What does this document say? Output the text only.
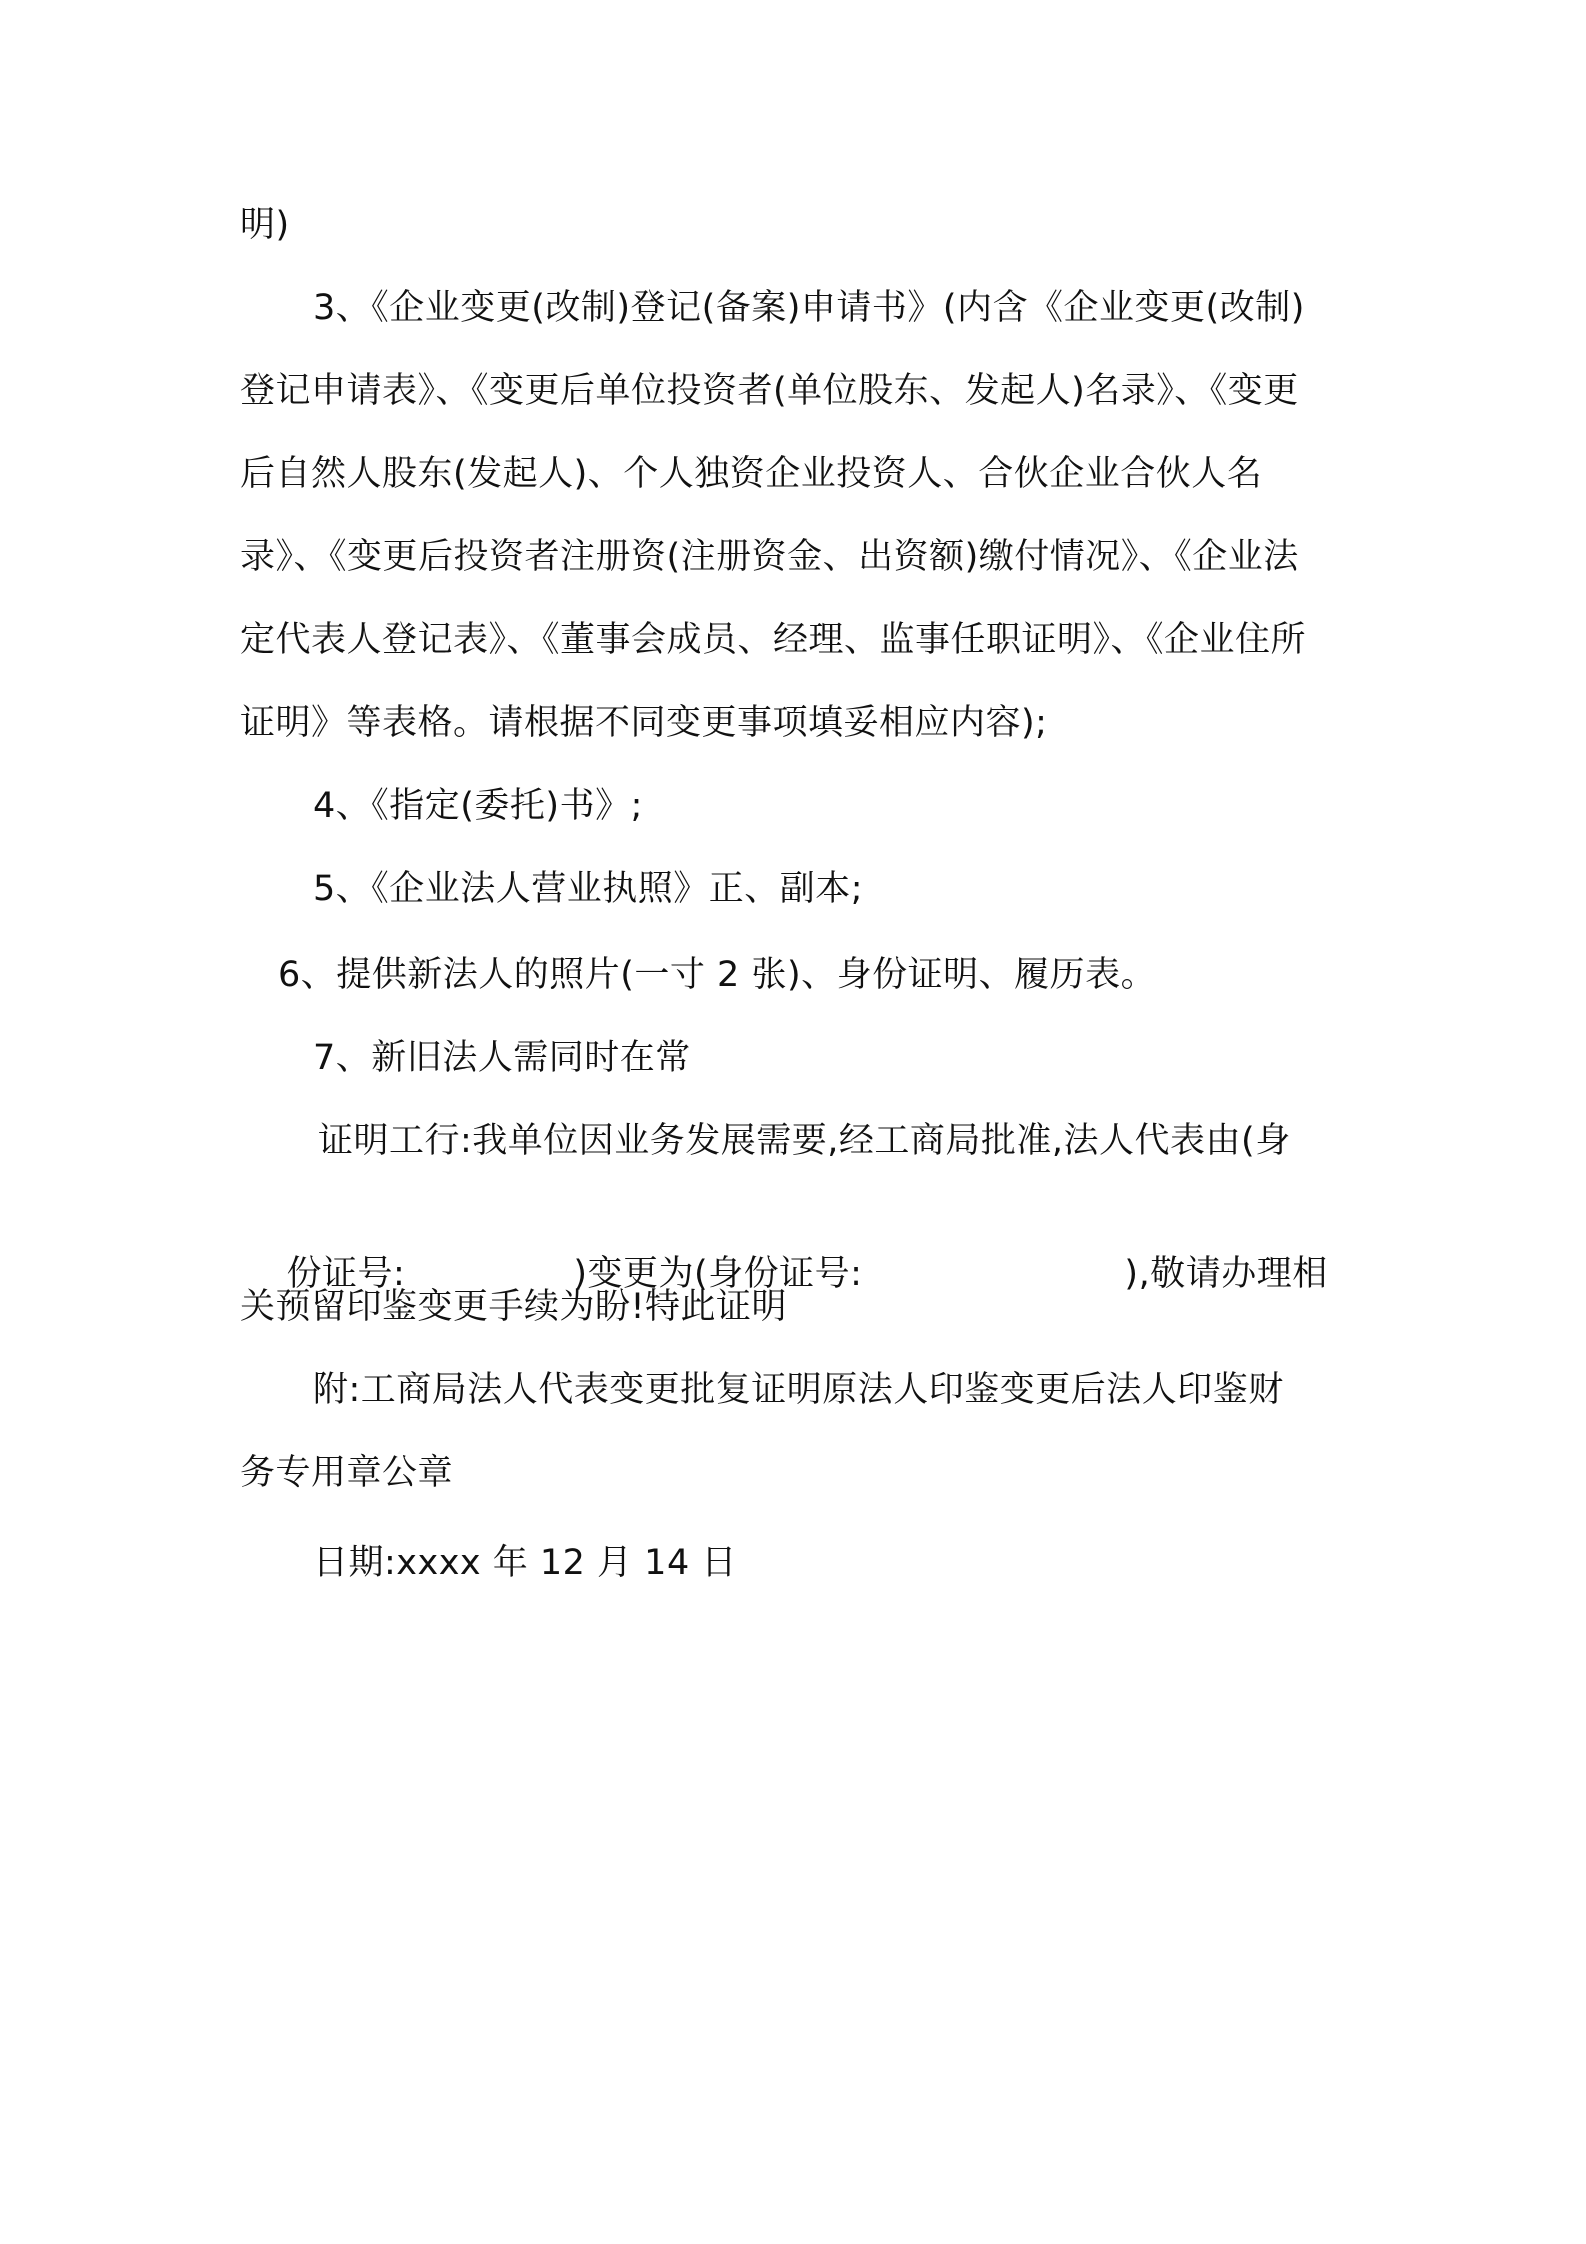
明)
3、《企业变更(改制)登记(备案)申请书》(内含《企业变更(改制)
登记申请表》、《变更后单位投资者(单位股东、发起人)名录》、《变更
后自然人股东(发起人)、个人独资企业投资人、合伙企业合伙人名
录》、《变更后投资者注册资(注册资金、出资额)缴付情况》、《企业法
定代表人登记表》、《董事会成员、经理、监事任职证明》、《企业住所
证明》等表格。请根据不同变更事项填妥相应内容);
4、《指定(委托)书》;
5、《企业法人营业执照》正、副本;
6、提供新法人的照片(一寸 2 张)、身份证明、履历表。
7、新旧法人需同时在常
证明工行:我单位因业务发展需要,经工商局批准,法人代表由(身

份证号:	)变更为(身份证号:	),敬请办理相

关预留印鉴变更手续为盼!特此证明
附:工商局法人代表变更批复证明原法人印鉴变更后法人印鉴财
务专用章公章
日期:xxxx 年 12 月 14 日
